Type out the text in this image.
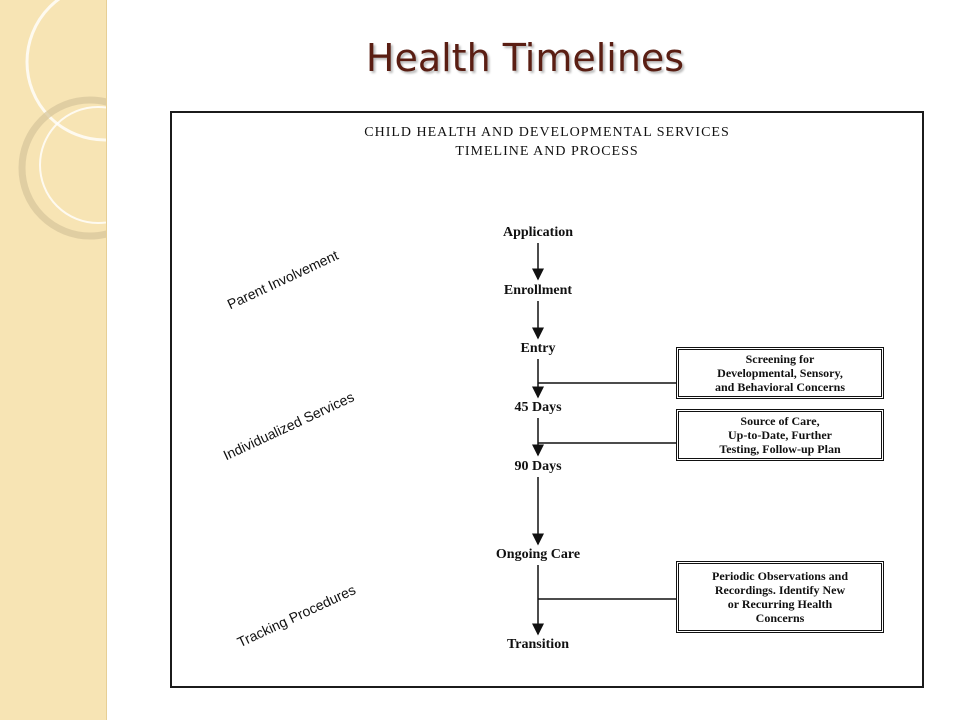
Health Timelines
CHILD HEALTH AND DEVELOPMENTAL SERVICES
TIMELINE AND PROCESS
Application
Enrollment
Entry
45 Days
90 Days
Ongoing Care
Transition
Parent Involvement
Individualized Services
Tracking Procedures
Screening for
Developmental, Sensory,
and Behavioral Concerns
Source of Care,
Up-to-Date, Further
Testing, Follow-up Plan
Periodic Observations and
Recordings. Identify New
or Recurring Health
Concerns
